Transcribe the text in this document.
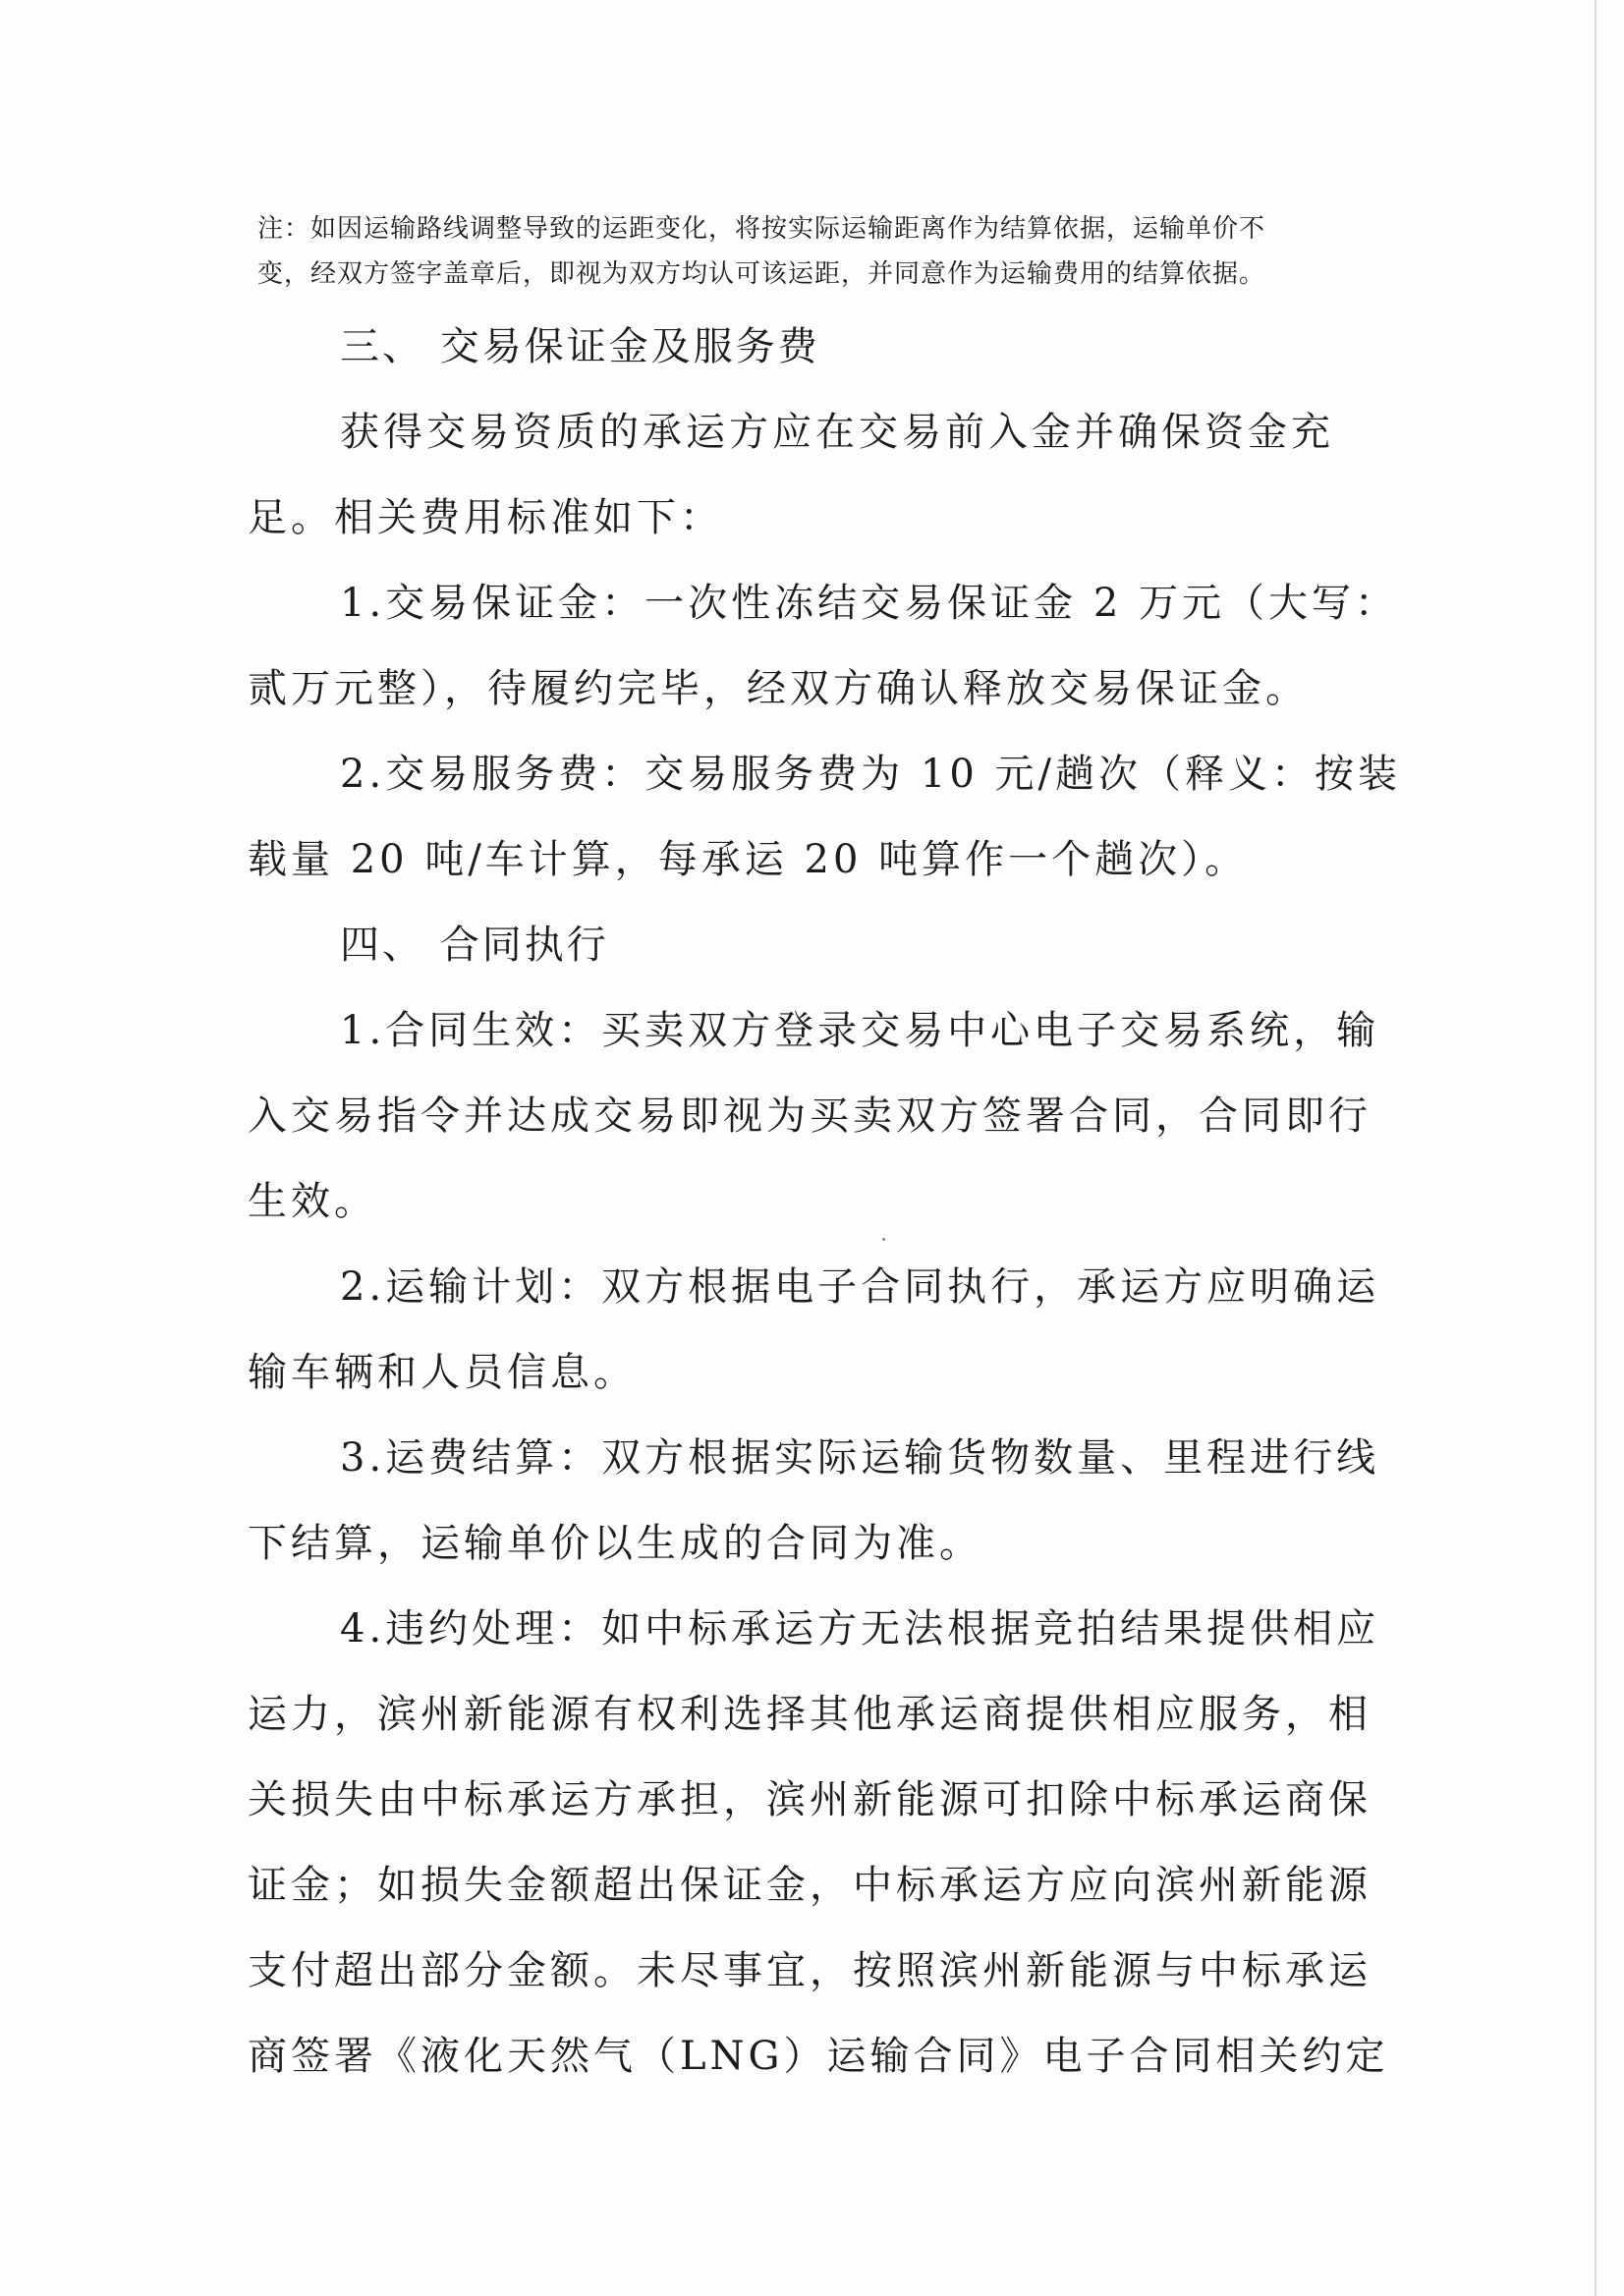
注：如因运输路线调整导致的运距变化，将按实际运输距离作为结算依据，运输单价不

变，经双方签字盖章后，即视为双方均认可该运距，并同意作为运输费用的结算依据。

三、 交易保证金及服务费

获得交易资质的承运方应在交易前入金并确保资金充

足。相关费用标准如下：

1.交易保证金：一次性冻结交易保证金 2 万元（大写：

贰万元整），待履约完毕，经双方确认释放交易保证金。

2.交易服务费：交易服务费为 10 元/趟次（释义：按装

载量 20 吨/车计算，每承运 20 吨算作一个趟次）。

四、 合同执行

1.合同生效：买卖双方登录交易中心电子交易系统，输

入交易指令并达成交易即视为买卖双方签署合同，合同即行

生效。

2.运输计划：双方根据电子合同执行，承运方应明确运

输车辆和人员信息。

3.运费结算：双方根据实际运输货物数量、里程进行线

下结算，运输单价以生成的合同为准。

4.违约处理：如中标承运方无法根据竞拍结果提供相应

运力，滨州新能源有权利选择其他承运商提供相应服务，相

关损失由中标承运方承担，滨州新能源可扣除中标承运商保

证金；如损失金额超出保证金，中标承运方应向滨州新能源

支付超出部分金额。未尽事宜，按照滨州新能源与中标承运

商签署《液化天然气（LNG）运输合同》电子合同相关约定
